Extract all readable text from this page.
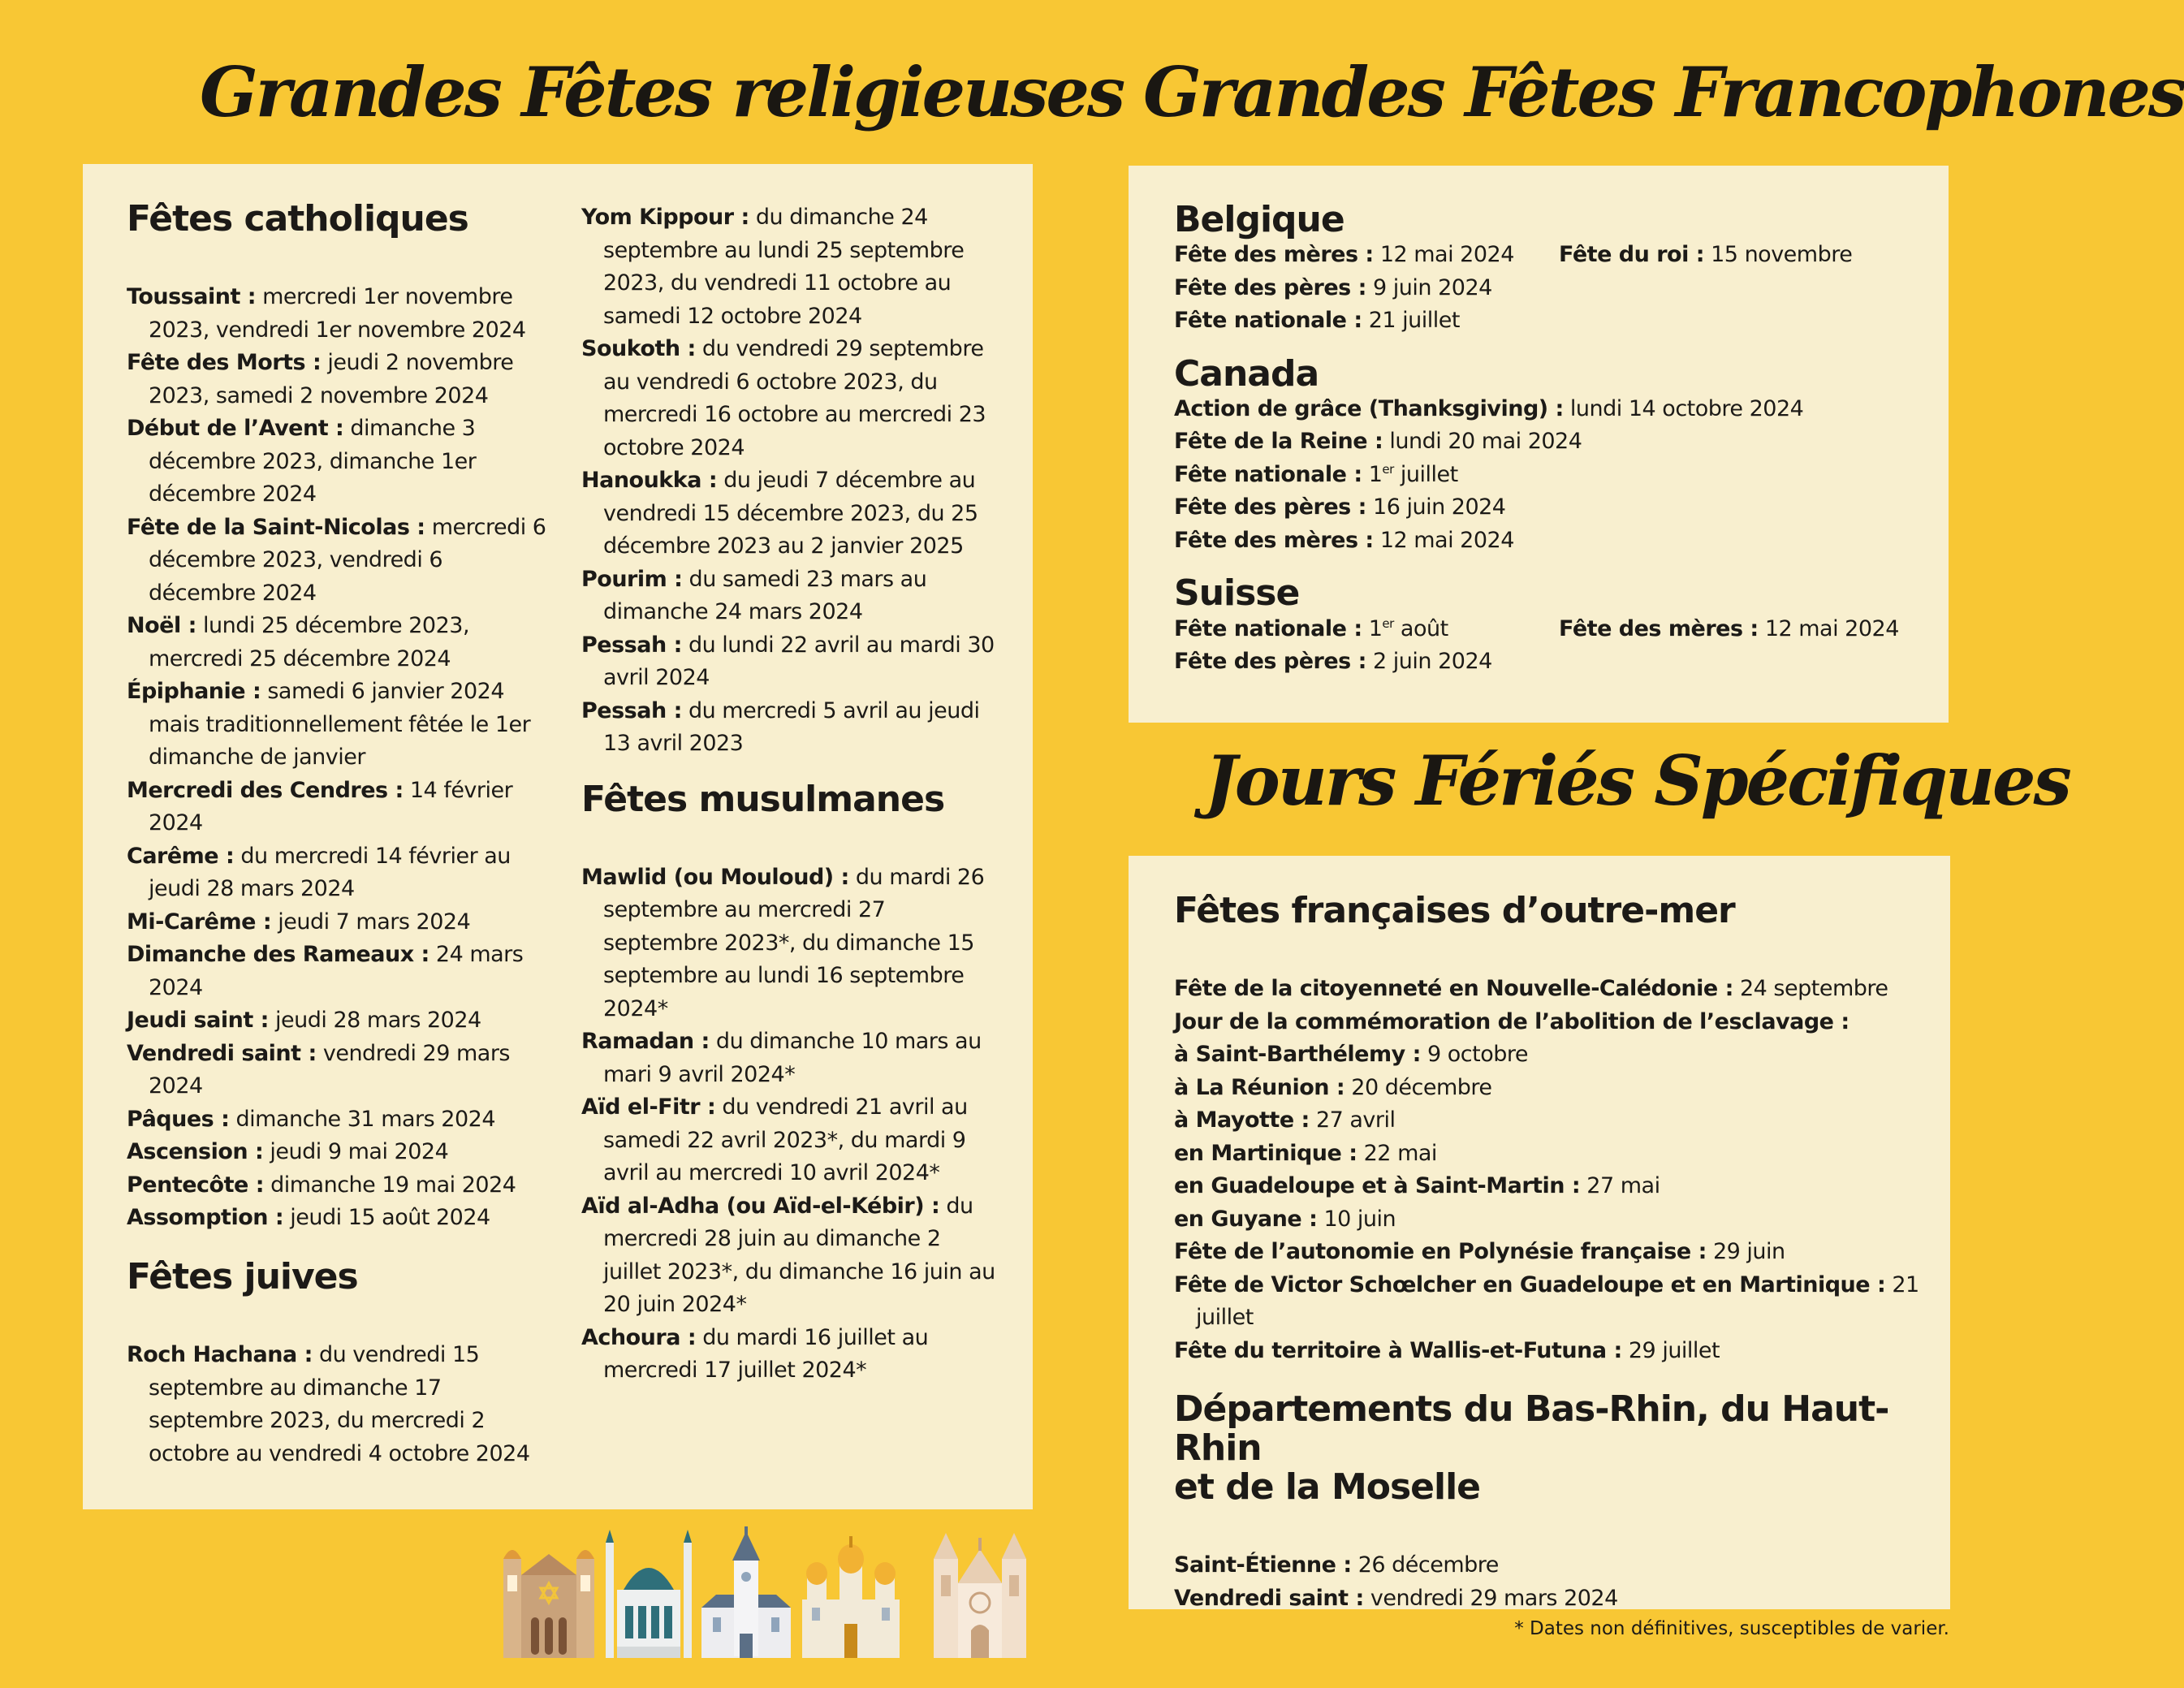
Grandes Fêtes religieuses Grandes Fêtes Francophones
Jours Fériés Spécifiques
Fêtes catholiques
Toussaint : mercredi 1er novembre 2023, vendredi 1er novembre 2024
Fête des Morts : jeudi 2 novembre 2023, samedi 2 novembre 2024
Début de l’Avent : dimanche 3 décembre 2023, dimanche 1er décembre 2024
Fête de la Saint-Nicolas : mercredi 6 décembre 2023, vendredi 6 décembre 2024
Noël : lundi 25 décembre 2023, mercredi 25 décembre 2024
Épiphanie : samedi 6 janvier 2024 mais traditionnellement fêtée le 1er dimanche de janvier
Mercredi des Cendres : 14 février 2024
Carême : du mercredi 14 février au jeudi 28 mars 2024
Mi-Carême : jeudi 7 mars 2024
Dimanche des Rameaux : 24 mars 2024
Jeudi saint : jeudi 28 mars 2024
Vendredi saint : vendredi 29 mars 2024
Pâques : dimanche 31 mars 2024
Ascension : jeudi 9 mai 2024
Pentecôte : dimanche 19 mai 2024
Assomption : jeudi 15 août 2024
Fêtes juives
Roch Hachana : du vendredi 15 septembre au dimanche 17 septembre 2023, du mercredi 2 octobre au vendredi 4 octobre 2024
Yom Kippour : du dimanche 24 septembre au lundi 25 septembre 2023, du vendredi 11 octobre au samedi 12 octobre 2024
Soukoth : du vendredi 29 septembre au vendredi 6 octobre 2023, du mercredi 16 octobre au mercredi 23 octobre 2024
Hanoukka : du jeudi 7 décembre au vendredi 15 décembre 2023, du 25 décembre 2023 au 2 janvier 2025
Pourim : du samedi 23 mars au dimanche 24 mars 2024
Pessah : du lundi 22 avril au mardi 30 avril 2024
Pessah : du mercredi 5 avril au jeudi 13 avril 2023
Fêtes musulmanes
Mawlid (ou Mouloud) : du mardi 26 septembre au mercredi 27 septembre 2023*, du dimanche 15 septembre au lundi 16 septembre 2024*
Ramadan : du dimanche 10 mars au mari 9 avril 2024*
Aïd el-Fitr : du vendredi 21 avril au samedi 22 avril 2023*, du mardi 9 avril au mercredi 10 avril 2024*
Aïd al-Adha (ou Aïd-el-Kébir) : du mercredi 28 juin au dimanche 2 juillet 2023*, du dimanche 16 juin au 20 juin 2024*
Achoura : du mardi 16 juillet au mercredi 17 juillet 2024*
Belgique
Fête des mères : 12 mai 2024
Fête des pères : 9 juin 2024
Fête nationale : 21 juillet
Fête du roi : 15 novembre
Canada
Action de grâce (Thanksgiving) : lundi 14 octobre 2024
Fête de la Reine : lundi 20 mai 2024
Fête nationale : 1er juillet
Fête des pères : 16 juin 2024
Fête des mères : 12 mai 2024
Suisse
Fête nationale : 1er août
Fête des pères : 2 juin 2024
Fête des mères : 12 mai 2024
Fêtes françaises d’outre-mer
Fête de la citoyenneté en Nouvelle-Calédonie : 24 septembre
Jour de la commémoration de l’abolition de l’esclavage :
à Saint-Barthélemy : 9 octobre
à La Réunion : 20 décembre
à Mayotte : 27 avril
en Martinique : 22 mai
en Guadeloupe et à Saint-Martin : 27 mai
en Guyane : 10 juin
Fête de l’autonomie en Polynésie française : 29 juin
Fête de Victor Schœlcher en Guadeloupe et en Martinique : 21 juillet
Fête du territoire à Wallis-et-Futuna : 29 juillet
Départements du Bas-Rhin, du Haut-Rhin
et de la Moselle
Saint-Étienne : 26 décembre
Vendredi saint : vendredi 29 mars 2024
* Dates non définitives, susceptibles de varier.
